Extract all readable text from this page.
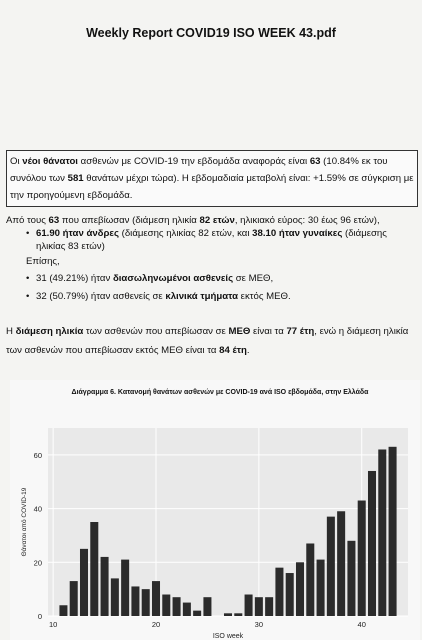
Weekly Report COVID19 ISO WEEK 43.pdf

Οι νέοι θάνατοι ασθενών με COVID-19 την εβδομάδα αναφοράς είναι 63 (10.84% εκ του συνόλου των 581 θανάτων μέχρι τώρα). Η εβδομαδιαία μεταβολή είναι: +1.59% σε σύγκριση με την προηγούμενη εβδομάδα.

Από τους 63 που απεβίωσαν (διάμεση ηλικία 82 ετών, ηλικιακό εύρος: 30 έως 96 ετών),
• 61.90 ήταν άνδρες (διάμεσης ηλικίας 82 ετών, και 38.10 ήταν γυναίκες (διάμεσης ηλικίας 83 ετών)
Επίσης,
• 31 (49.21%) ήταν διασωληνωμένοι ασθενείς σε ΜΕΘ,
• 32 (50.79%) ήταν ασθενείς σε κλινικά τμήματα εκτός ΜΕΘ.
Η διάμεση ηλικία των ασθενών που απεβίωσαν σε ΜΕΘ είναι τα 77 έτη, ενώ η διάμεση ηλικία των ασθενών που απεβίωσαν εκτός ΜΕΘ είναι τα 84 έτη.
Διάγραμμα 6. Κατανομή θανάτων ασθενών με COVID-19 ανά ISO εβδομάδα, στην Ελλάδα
0
20
40
60
10	20	30	40
ISO week
Θάνατοι από COVID-19
